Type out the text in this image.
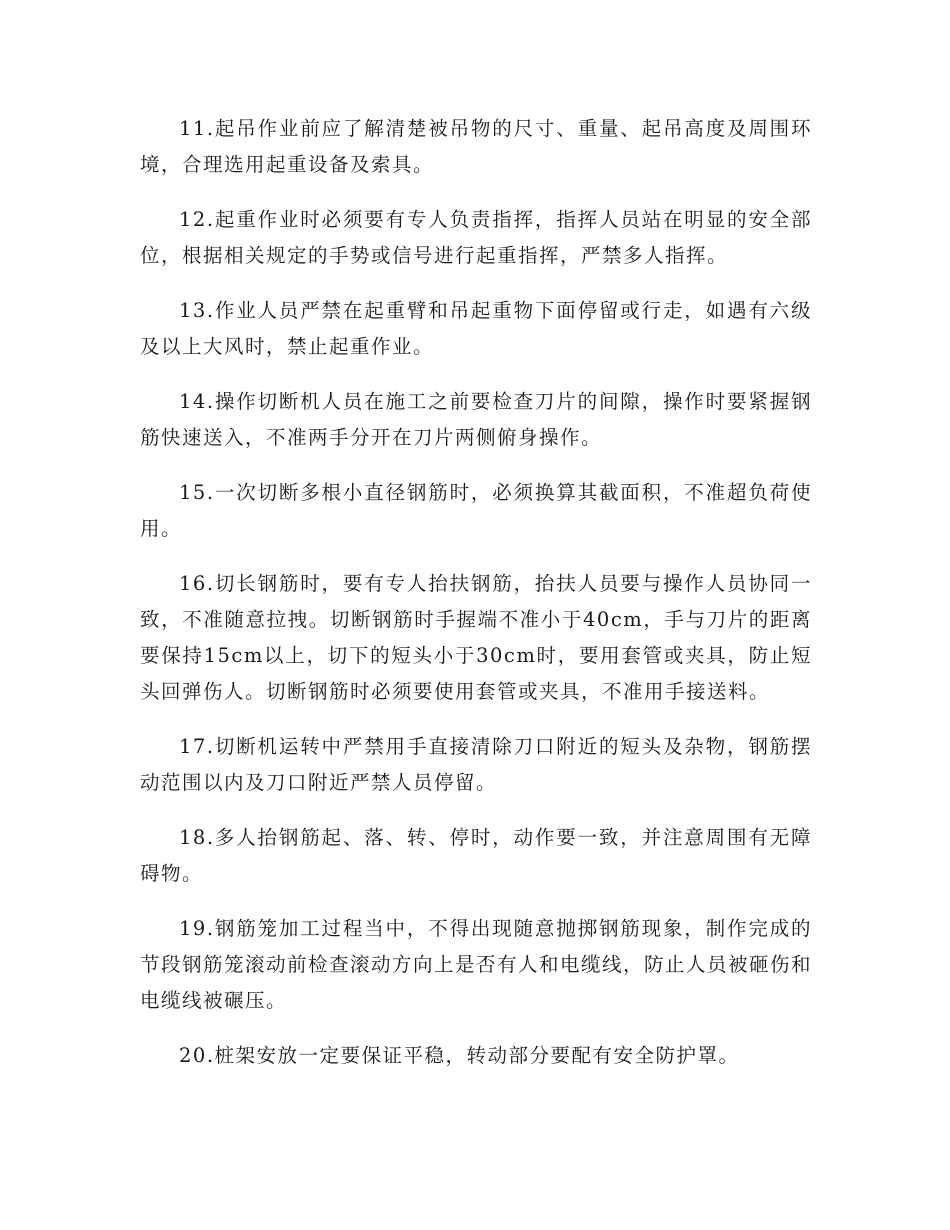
11.起吊作业前应了解清楚被吊物的尺寸、重量、起吊高度及周围环境，合理选用起重设备及索具。

12.起重作业时必须要有专人负责指挥，指挥人员站在明显的安全部位，根据相关规定的手势或信号进行起重指挥，严禁多人指挥。

13.作业人员严禁在起重臂和吊起重物下面停留或行走，如遇有六级及以上大风时，禁止起重作业。

14.操作切断机人员在施工之前要检查刀片的间隙，操作时要紧握钢筋快速送入，不准两手分开在刀片两侧俯身操作。

15.一次切断多根小直径钢筋时，必须换算其截面积，不准超负荷使用。

16.切长钢筋时，要有专人抬扶钢筋，抬扶人员要与操作人员协同一致，不准随意拉拽。切断钢筋时手握端不准小于40cm，手与刀片的距离要保持15cm以上，切下的短头小于30cm时，要用套管或夹具，防止短头回弹伤人。切断钢筋时必须要使用套管或夹具，不准用手接送料。

17.切断机运转中严禁用手直接清除刀口附近的短头及杂物，钢筋摆动范围以内及刀口附近严禁人员停留。

18.多人抬钢筋起、落、转、停时，动作要一致，并注意周围有无障碍物。

19.钢筋笼加工过程当中，不得出现随意抛掷钢筋现象，制作完成的节段钢筋笼滚动前检查滚动方向上是否有人和电缆线，防止人员被砸伤和电缆线被碾压。

20.桩架安放一定要保证平稳，转动部分要配有安全防护罩。
